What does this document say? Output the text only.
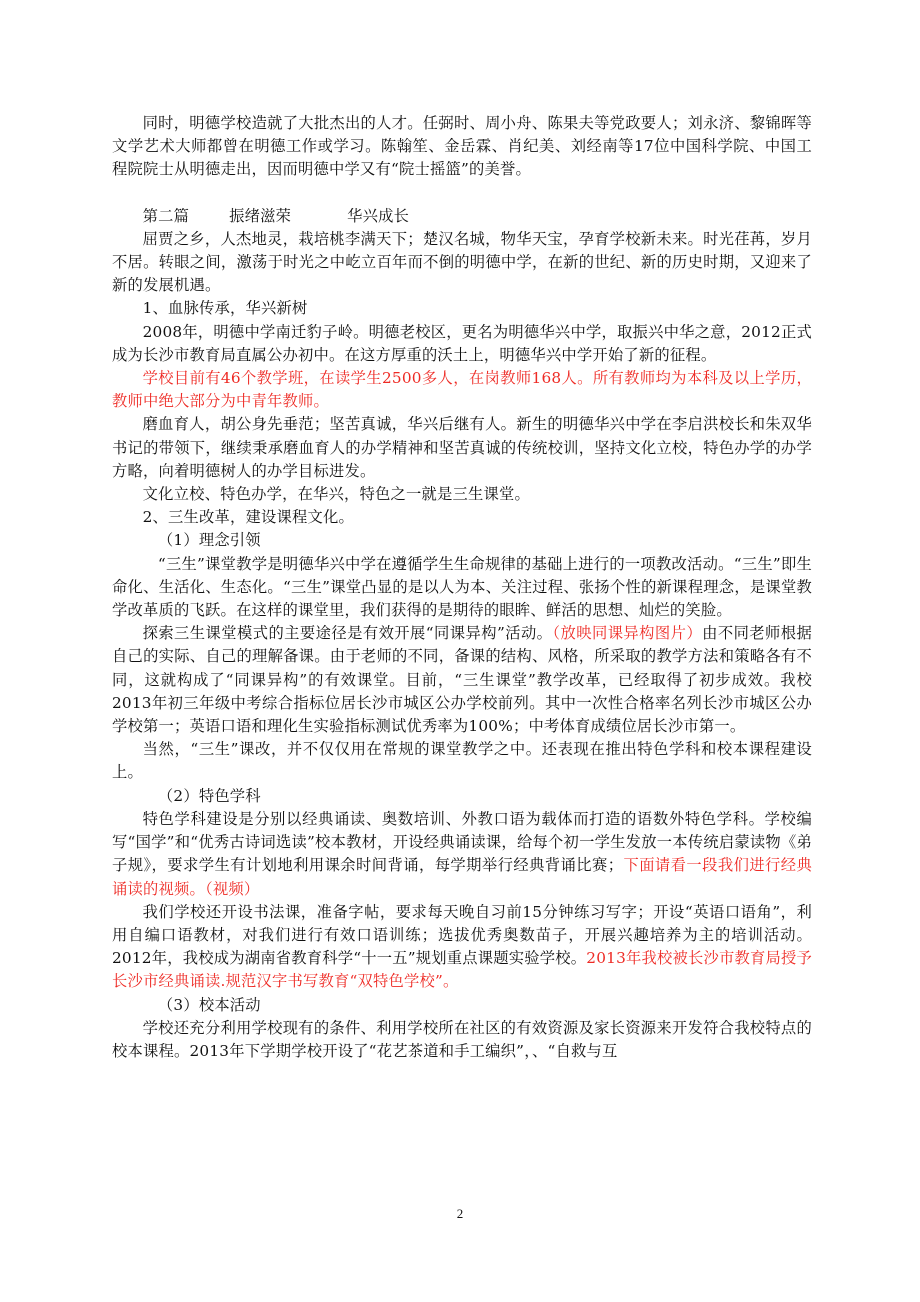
同时，明德学校造就了大批杰出的人才。任弼时、周小舟、陈果夫等党政要人；刘永济、黎锦晖等文学艺术大师都曾在明德工作或学习。陈翰笙、金岳霖、肖纪美、刘经南等17位中国科学院、中国工程院院士从明德走出，因而明德中学又有“院士摇篮”的美誉。

第二篇	振绪滋荣	华兴成长

屈贾之乡，人杰地灵，栽培桃李满天下；楚汉名城，物华天宝，孕育学校新未来。时光荏苒，岁月不居。转眼之间，激荡于时光之中屹立百年而不倒的明德中学，在新的世纪、新的历史时期，又迎来了新的发展机遇。

1、血脉传承，华兴新树

2008年，明德中学南迁豹子岭。明德老校区，更名为明德华兴中学，取振兴中华之意，2012正式成为长沙市教育局直属公办初中。在这方厚重的沃土上，明德华兴中学开始了新的征程。

学校目前有46个教学班，在读学生2500多人，在岗教师168人。所有教师均为本科及以上学历，教师中绝大部分为中青年教师。

磨血育人，胡公身先垂范；坚苦真诚，华兴后继有人。新生的明德华兴中学在李启洪校长和朱双华书记的带领下，继续秉承磨血育人的办学精神和坚苦真诚的传统校训，坚持文化立校，特色办学的办学方略，向着明德树人的办学目标进发。

文化立校、特色办学，在华兴，特色之一就是三生课堂。

2、三生改革，建设课程文化。

（1）理念引领

“三生”课堂教学是明德华兴中学在遵循学生生命规律的基础上进行的一项教改活动。“三生”即生命化、生活化、生态化。“三生”课堂凸显的是以人为本、关注过程、张扬个性的新课程理念，是课堂教学改革质的飞跃。在这样的课堂里，我们获得的是期待的眼眸、鲜活的思想、灿烂的笑脸。

探索三生课堂模式的主要途径是有效开展“同课异构”活动。（放映同课异构图片）由不同老师根据自己的实际、自己的理解备课。由于老师的不同，备课的结构、风格，所采取的教学方法和策略各有不同，这就构成了“同课异构”的有效课堂。目前，“三生课堂”教学改革，已经取得了初步成效。我校2013年初三年级中考综合指标位居长沙市城区公办学校前列。其中一次性合格率名列长沙市城区公办学校第一；英语口语和理化生实验指标测试优秀率为100%；中考体育成绩位居长沙市第一。

当然，“三生”课改，并不仅仅用在常规的课堂教学之中。还表现在推出特色学科和校本课程建设上。

（2）特色学科

特色学科建设是分别以经典诵读、奥数培训、外教口语为载体而打造的语数外特色学科。学校编写“国学”和“优秀古诗词选读”校本教材，开设经典诵读课，给每个初一学生发放一本传统启蒙读物《弟子规》，要求学生有计划地利用课余时间背诵，每学期举行经典背诵比赛；下面请看一段我们进行经典诵读的视频。（视频）

我们学校还开设书法课，准备字帖，要求每天晚自习前15分钟练习写字；开设“英语口语角”，利用自编口语教材，对我们进行有效口语训练；选拔优秀奥数苗子，开展兴趣培养为主的培训活动。2012年，我校成为湖南省教育科学“十一五”规划重点课题实验学校。2013年我校被长沙市教育局授予长沙市经典诵读.规范汉字书写教育“双特色学校”。

（3）校本活动

学校还充分利用学校现有的条件、利用学校所在社区的有效资源及家长资源来开发符合我校特点的校本课程。2013年下学期学校开设了“花艺茶道和手工编织”，、“自救与互

2
